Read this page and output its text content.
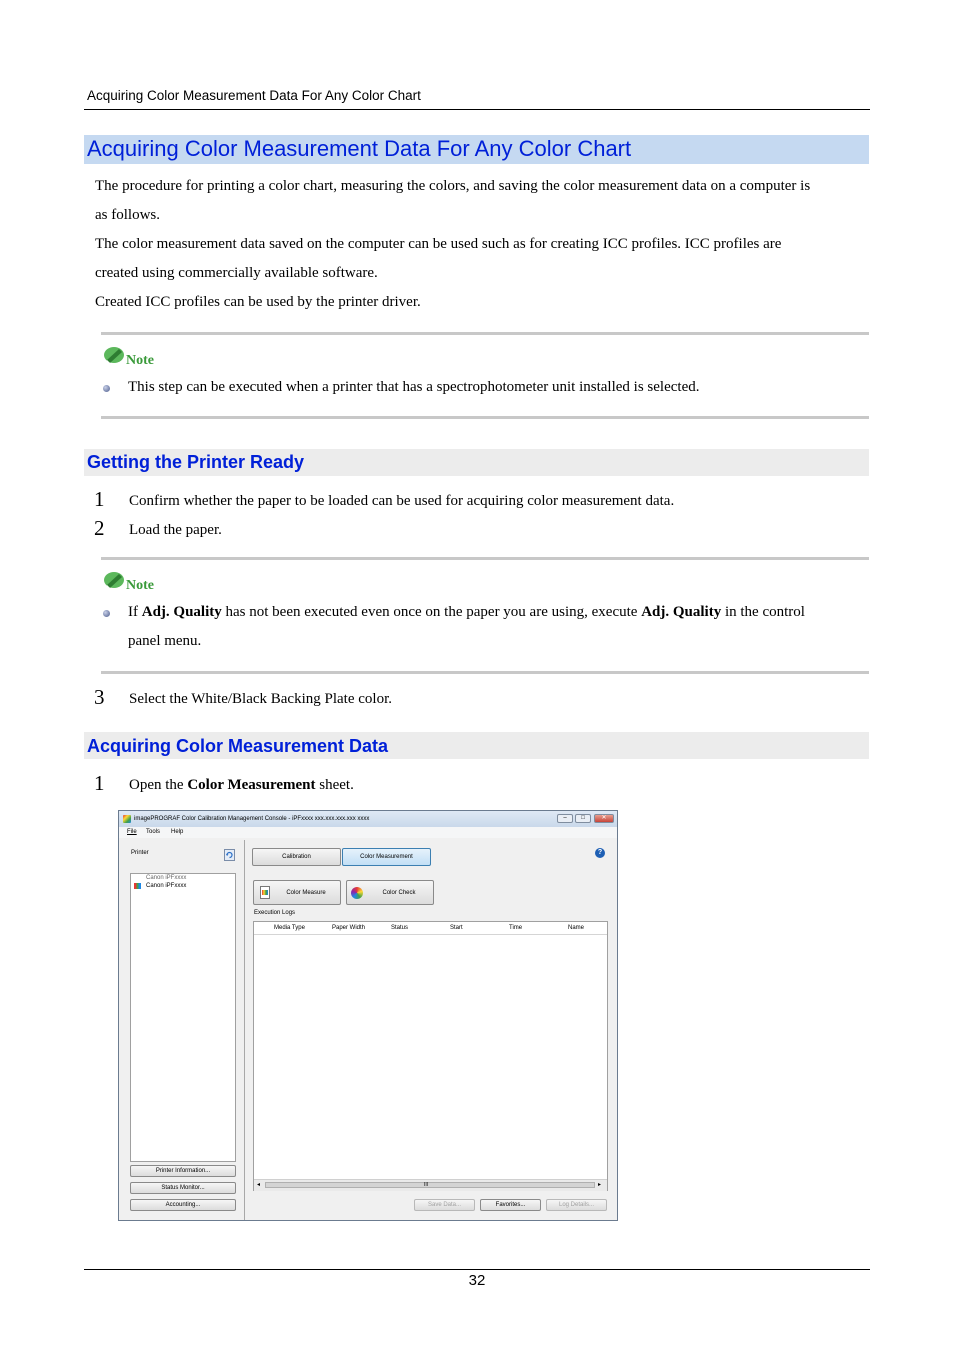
Acquiring Color Measurement Data For Any Color Chart
Acquiring Color Measurement Data For Any Color Chart
The procedure for printing a color chart, measuring the colors, and saving the color measurement data on a computer is
as follows.
The color measurement data saved on the computer can be used such as for creating ICC profiles. ICC profiles are
created using commercially available software.
Created ICC profiles can be used by the printer driver.
Note
This step can be executed when a printer that has a spectrophotometer unit installed is selected.
Getting the Printer Ready
1 Confirm whether the paper to be loaded can be used for acquiring color measurement data.
2 Load the paper.
Note
If Adj. Quality has not been executed even once on the paper you are using, execute Adj. Quality in the control
panel menu.
3 Select the White/Black Backing Plate color.
Acquiring Color Measurement Data
1 Open the Color Measurement sheet.
imagePROGRAF Color Calibration Management Console - iPFxxxx xxx.xxx.xxx.xxx xxxx	–	□	✕
File Tools Help
Printer
Canon iPFxxxx
Canon iPFxxxx
Printer Information...
Status Monitor...
Accounting...
Calibration	Color Measurement
?
Color Measure	Color Check
Execution Logs
Media Type	Paper Width	Status	Start	Time	Name
◂	III	▸
Save Data...	Favorites...	Log Details...
32
